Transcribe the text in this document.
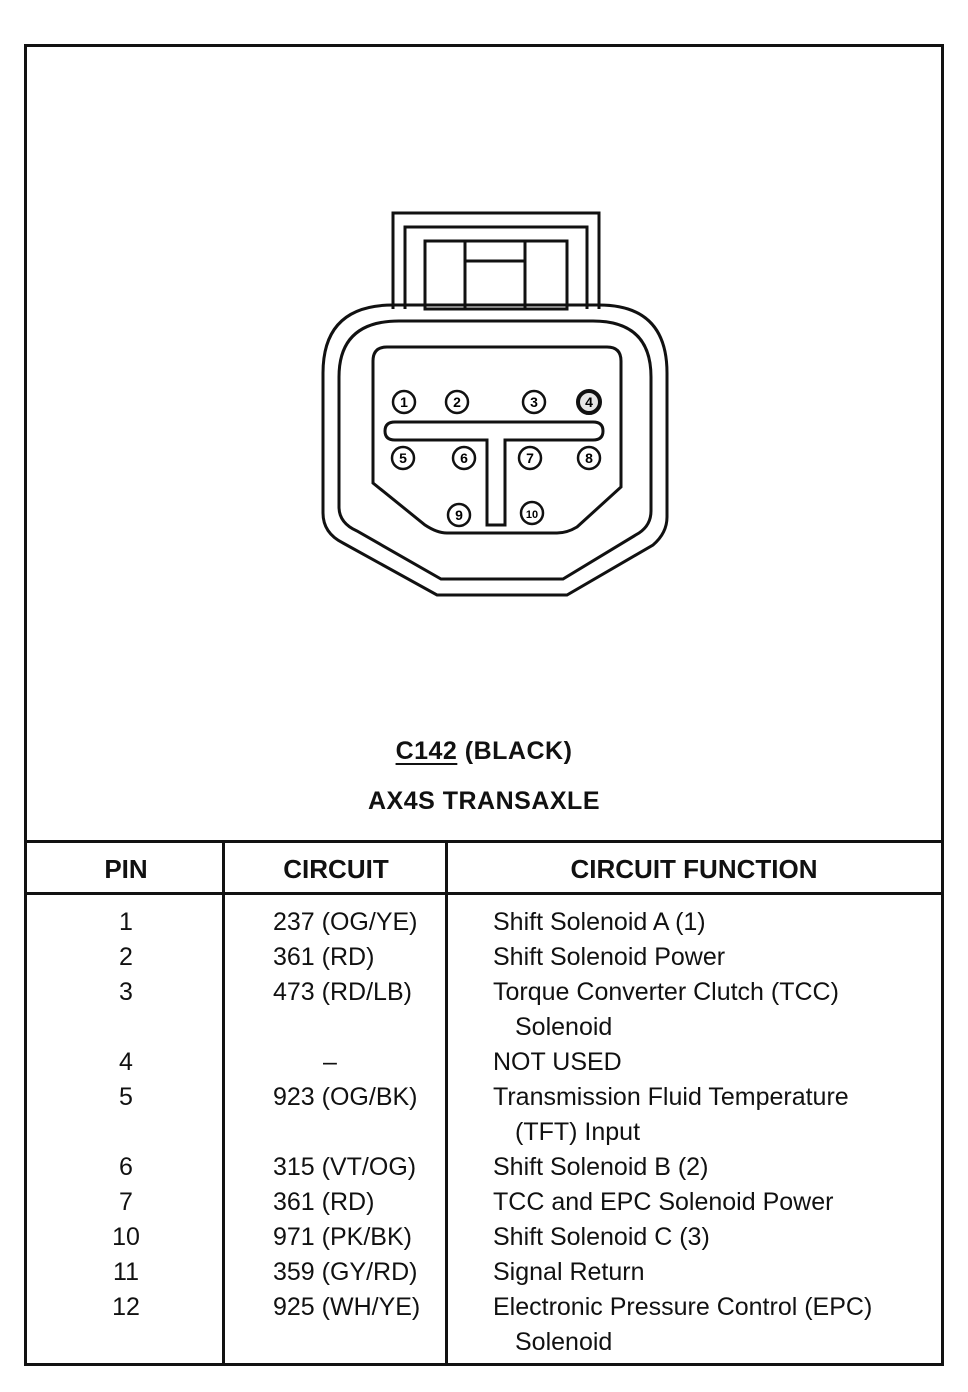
1	2	3	4
5	6	7	8
9	10
C142 (BLACK)
AX4S TRANSAXLE
PIN	CIRCUIT	CIRCUIT FUNCTION
1	237 (OG/YE)	Shift Solenoid A (1)
2	361 (RD)	Shift Solenoid Power
3	473 (RD/LB)	Torque Converter Clutch (TCC)
Solenoid
4	–	NOT USED
5	923 (OG/BK)	Transmission Fluid Temperature
(TFT) Input
6	315 (VT/OG)	Shift Solenoid B (2)
7	361 (RD)	TCC and EPC Solenoid Power
10	971 (PK/BK)	Shift Solenoid C (3)
11	359 (GY/RD)	Signal Return
12	925 (WH/YE)	Electronic Pressure Control (EPC)
Solenoid
